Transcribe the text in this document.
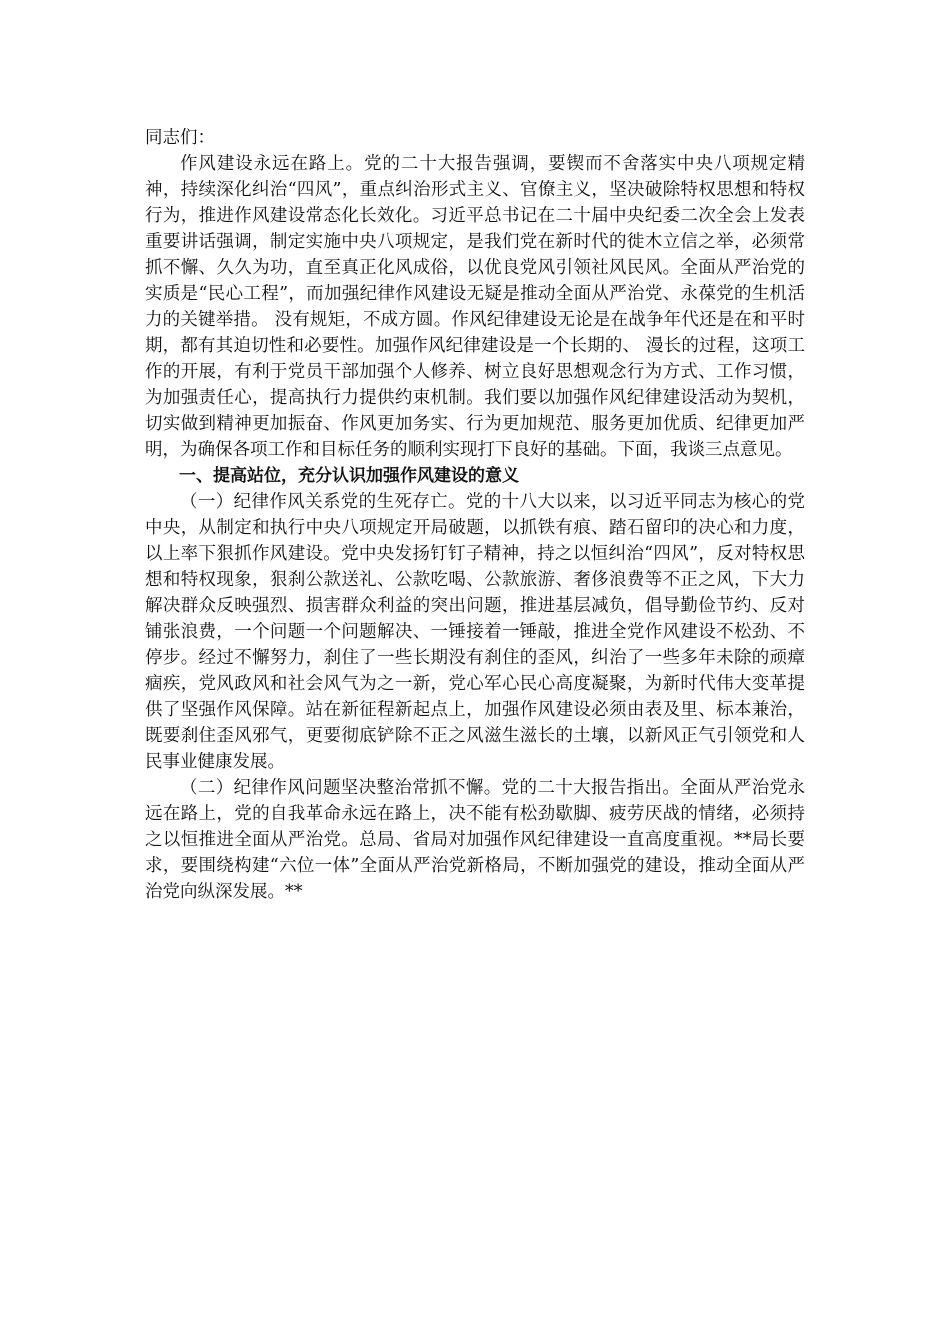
同志们：

作风建设永远在路上。党的二十大报告强调，要锲而不舍落实中央八项规定精神，持续深化纠治“四风”，重点纠治形式主义、官僚主义，坚决破除特权思想和特权行为，推进作风建设常态化长效化。习近平总书记在二十届中央纪委二次全会上发表重要讲话强调，制定实施中央八项规定，是我们党在新时代的徙木立信之举，必须常抓不懈、久久为功，直至真正化风成俗，以优良党风引领社风民风。全面从严治党的实质是“民心工程”，而加强纪律作风建设无疑是推动全面从严治党、永葆党的生机活力的关键举措。 没有规矩，不成方圆。作风纪律建设无论是在战争年代还是在和平时期，都有其迫切性和必要性。加强作风纪律建设是一个长期的、 漫长的过程，这项工作的开展，有利于党员干部加强个人修养、树立良好思想观念行为方式、工作习惯，为加强责任心，提高执行力提供约束机制。我们要以加强作风纪律建设活动为契机，切实做到精神更加振奋、作风更加务实、行为更加规范、服务更加优质、纪律更加严明，为确保各项工作和目标任务的顺利实现打下良好的基础。下面，我谈三点意见。

一、提高站位，充分认识加强作风建设的意义

（一）纪律作风关系党的生死存亡。党的十八大以来，以习近平同志为核心的党中央，从制定和执行中央八项规定开局破题，以抓铁有痕、踏石留印的决心和力度，以上率下狠抓作风建设。党中央发扬钉钉子精神，持之以恒纠治“四风”，反对特权思想和特权现象，狠刹公款送礼、公款吃喝、公款旅游、奢侈浪费等不正之风，下大力解决群众反映强烈、损害群众利益的突出问题，推进基层减负，倡导勤俭节约、反对铺张浪费，一个问题一个问题解决、一锤接着一锤敲，推进全党作风建设不松劲、不停步。经过不懈努力，刹住了一些长期没有刹住的歪风，纠治了一些多年未除的顽瘴痼疾，党风政风和社会风气为之一新，党心军心民心高度凝聚，为新时代伟大变革提供了坚强作风保障。站在新征程新起点上，加强作风建设必须由表及里、标本兼治，既要刹住歪风邪气，更要彻底铲除不正之风滋生滋长的土壤，以新风正气引领党和人民事业健康发展。

（二）纪律作风问题坚决整治常抓不懈。党的二十大报告指出。全面从严治党永远在路上，党的自我革命永远在路上，决不能有松劲歇脚、疲劳厌战的情绪，必须持之以恒推进全面从严治党。总局、省局对加强作风纪律建设一直高度重视。**局长要求，要围绕构建“六位一体”全面从严治党新格局，不断加强党的建设，推动全面从严治党向纵深发展。**
